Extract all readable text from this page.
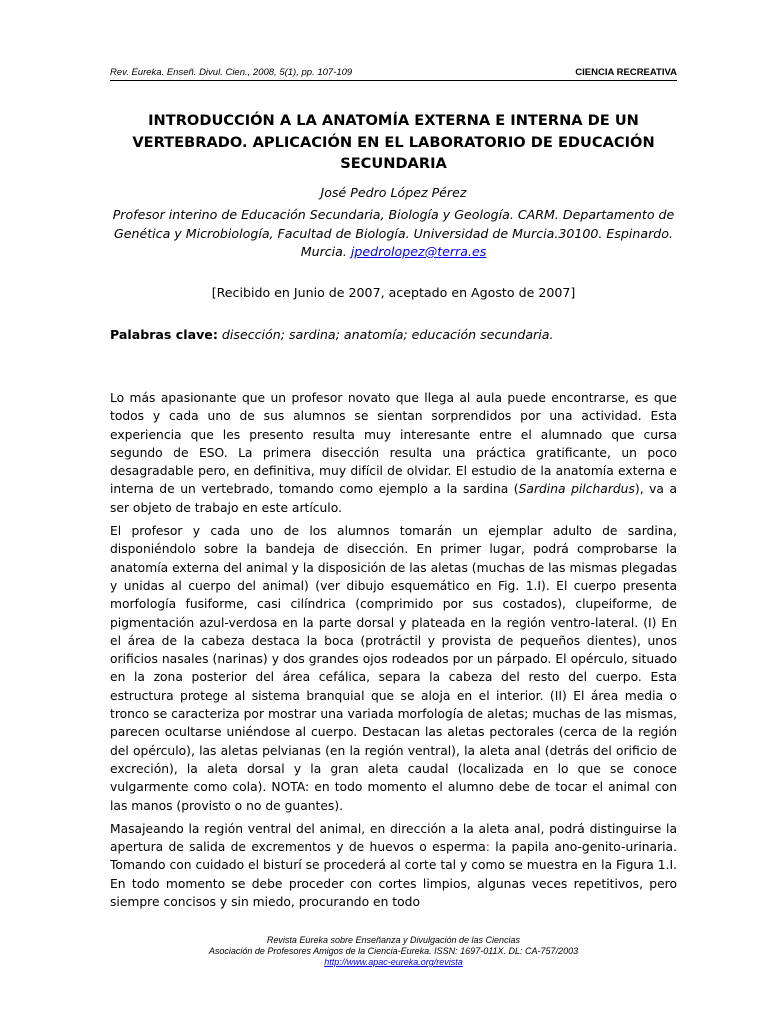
Rev. Eureka. Enseñ. Divul. Cien., 2008, 5(1), pp. 107-109	CIENCIA RECREATIVA
INTRODUCCIÓN A LA ANATOMÍA EXTERNA E INTERNA DE UN VERTEBRADO. APLICACIÓN EN EL LABORATORIO DE EDUCACIÓN SECUNDARIA
José Pedro López Pérez
Profesor interino de Educación Secundaria, Biología y Geología. CARM. Departamento de Genética y Microbiología, Facultad de Biología. Universidad de Murcia.30100. Espinardo. Murcia. jpedrolopez@terra.es
[Recibido en Junio de 2007, aceptado en Agosto de 2007]
Palabras clave: disección; sardina; anatomía; educación secundaria.

Lo más apasionante que un profesor novato que llega al aula puede encontrarse, es que todos y cada uno de sus alumnos se sientan sorprendidos por una actividad. Esta experiencia que les presento resulta muy interesante entre el alumnado que cursa segundo de ESO. La primera disección resulta una práctica gratificante, un poco desagradable pero, en definitiva, muy difícil de olvidar. El estudio de la anatomía externa e interna de un vertebrado, tomando como ejemplo a la sardina (Sardina pilchardus), va a ser objeto de trabajo en este artículo.

El profesor y cada uno de los alumnos tomarán un ejemplar adulto de sardina, disponiéndolo sobre la bandeja de disección. En primer lugar, podrá comprobarse la anatomía externa del animal y la disposición de las aletas (muchas de las mismas plegadas y unidas al cuerpo del animal) (ver dibujo esquemático en Fig. 1.I). El cuerpo presenta morfología fusiforme, casi cilíndrica (comprimido por sus costados), clupeiforme, de pigmentación azul-verdosa en la parte dorsal y plateada en la región ventro-lateral. (I) En el área de la cabeza destaca la boca (protráctil y provista de pequeños dientes), unos orificios nasales (narinas) y dos grandes ojos rodeados por un párpado. El opérculo, situado en la zona posterior del área cefálica, separa la cabeza del resto del cuerpo. Esta estructura protege al sistema branquial que se aloja en el interior. (II) El área media o tronco se caracteriza por mostrar una variada morfología de aletas; muchas de las mismas, parecen ocultarse uniéndose al cuerpo. Destacan las aletas pectorales (cerca de la región del opérculo), las aletas pelvianas (en la región ventral), la aleta anal (detrás del orificio de excreción), la aleta dorsal y la gran aleta caudal (localizada en lo que se conoce vulgarmente como cola). NOTA: en todo momento el alumno debe de tocar el animal con las manos (provisto o no de guantes).

Masajeando la región ventral del animal, en dirección a la aleta anal, podrá distinguirse la apertura de salida de excrementos y de huevos o esperma: la papila ano-genito-urinaria. Tomando con cuidado el bisturí se procederá al corte tal y como se muestra en la Figura 1.I. En todo momento se debe proceder con cortes limpios, algunas veces repetitivos, pero siempre concisos y sin miedo, procurando en todo

Revista Eureka sobre Enseñanza y Divulgación de las Ciencias
Asociación de Profesores Amigos de la Ciencia-Eureka. ISSN: 1697-011X. DL: CA-757/2003
http://www.apac-eureka.org/revista
